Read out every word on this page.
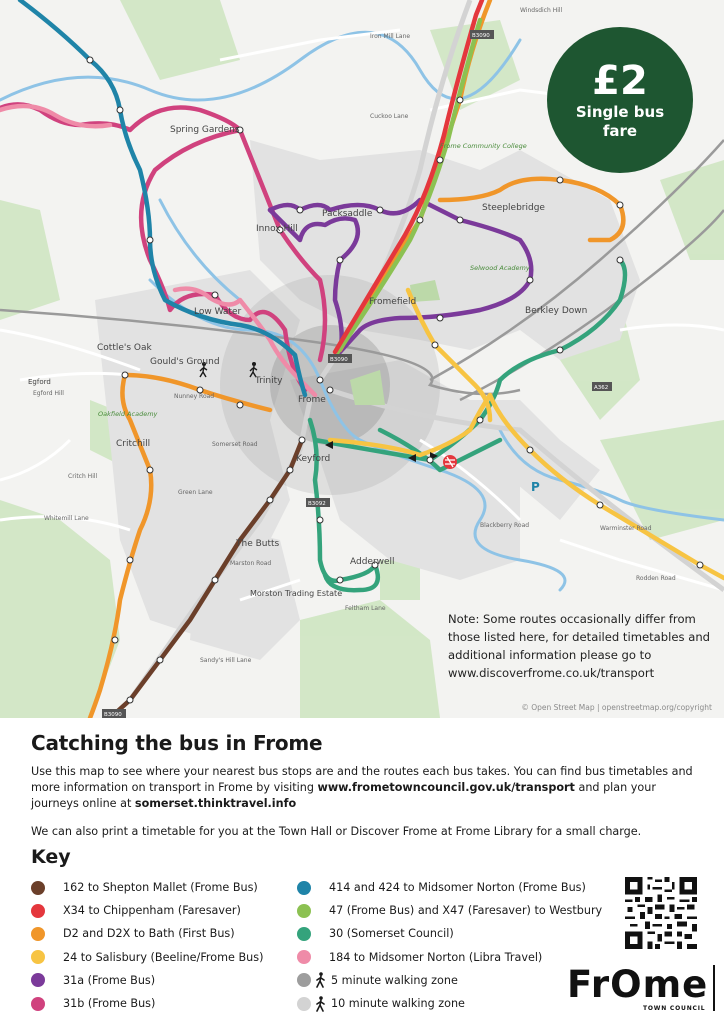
P
Spring Gardens
Packsaddle
Innox Hill
Low Water
Fromefield
Berkley Down
Cottle's Oak
Gould's Ground
Trinity
Frome
Critchill
Keyford
The Butts
Adderwell
Steeplebridge
Egford
Morston Trading Estate
Frome Community College
Selwood Academy
Oakfield Academy
Iron Mill Lane
Cuckoo Lane
Windsdich Hill
Egford Hill
Critch Hill
Whitemill Lane
Nunney Road
Somerset Road
Green Lane
Marston Road
Blackberry Road	Warminster Road
Rodden Road
Feltham Lane
Sandy's Hill Lane
B3090
B3090
B3092
B3090
A362
£2
Single bus fare
Note: Some routes occasionally differ from those listed here, for detailed timetables and additional information please go to www.discoverfrome.co.uk/transport
© Open Street Map | openstreetmap.org/copyright
Catching the bus in Frome

Use this map to see where your nearest bus stops are and the routes each bus takes. You can find bus timetables and more information on transport in Frome by visiting www.frometowncouncil.gov.uk/transport and plan your journeys online at somerset.thinktravel.info

We can also print a timetable for you at the Town Hall or Discover Frome at Frome Library for a small charge.

Key
162 to Shepton Mallet (Frome Bus)
X34 to Chippenham (Faresaver)
D2 and D2X to Bath (First Bus)
24 to Salisbury (Beeline/Frome Bus)
31a (Frome Bus)
31b (Frome Bus)
414 and 424 to Midsomer Norton (Frome Bus)
47 (Frome Bus) and X47 (Faresaver) to Westbury
30 (Somerset Council)
184 to Midsomer Norton (Libra Travel)
5 minute walking zone
10 minute walking zone	FrOme
TOWN COUNCIL
